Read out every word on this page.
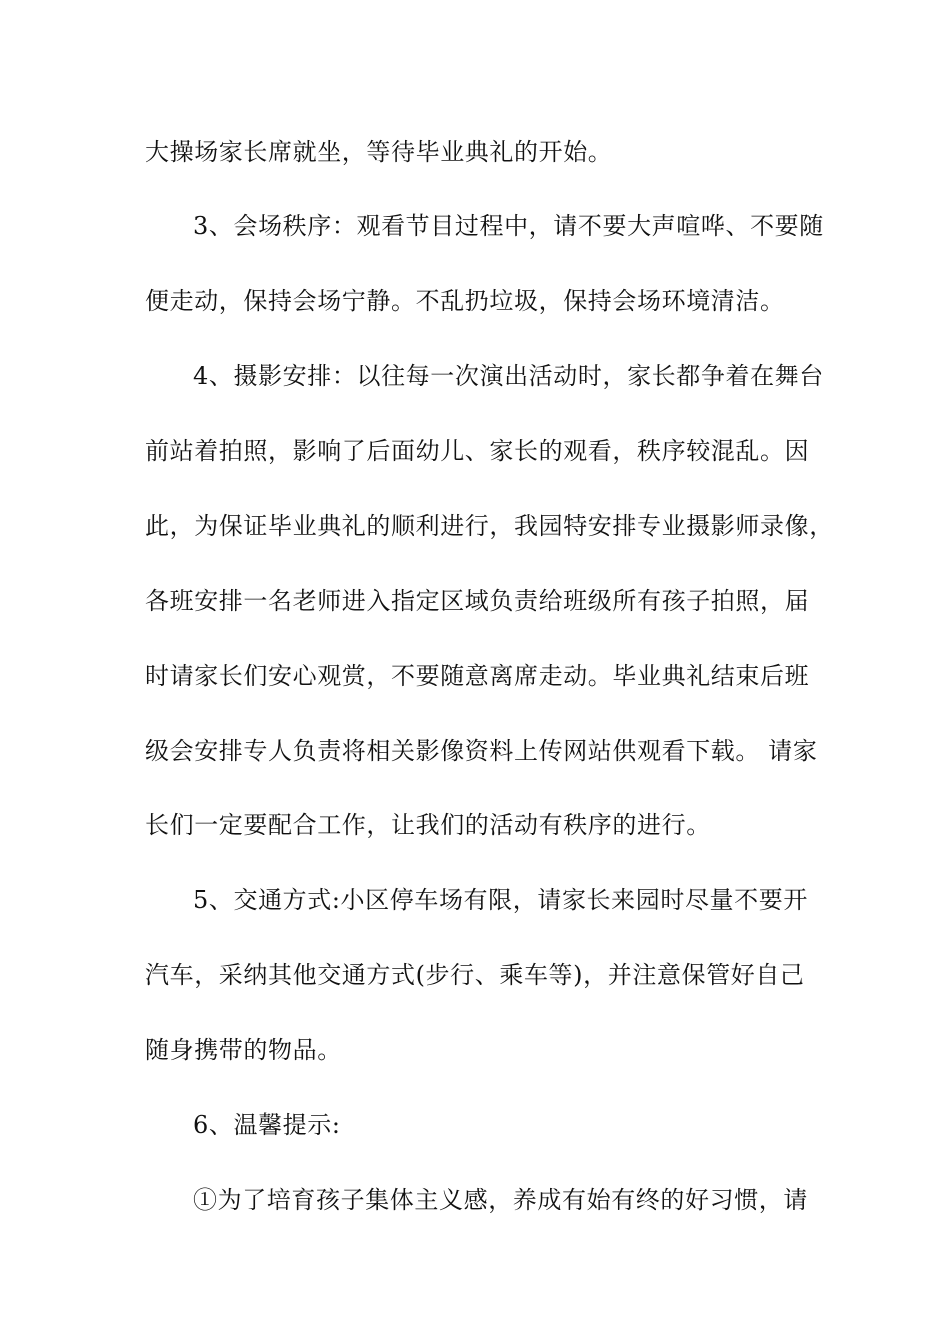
大操场家长席就坐，等待毕业典礼的开始。

3、会场秩序：观看节目过程中，请不要大声喧哗、不要随

便走动，保持会场宁静。不乱扔垃圾，保持会场环境清洁。

4、摄影安排：以往每一次演出活动时，家长都争着在舞台

前站着拍照，影响了后面幼儿、家长的观看，秩序较混乱。因

此，为保证毕业典礼的顺利进行，我园特安排专业摄影师录像，

各班安排一名老师进入指定区域负责给班级所有孩子拍照，届

时请家长们安心观赏，不要随意离席走动。毕业典礼结束后班

级会安排专人负责将相关影像资料上传网站供观看下载。 请家

长们一定要配合工作，让我们的活动有秩序的进行。

5、交通方式:小区停车场有限，请家长来园时尽量不要开

汽车，采纳其他交通方式(步行、乘车等)，并注意保管好自己

随身携带的物品。

6、温馨提示:

①为了培育孩子集体主义感，养成有始有终的好习惯，请
